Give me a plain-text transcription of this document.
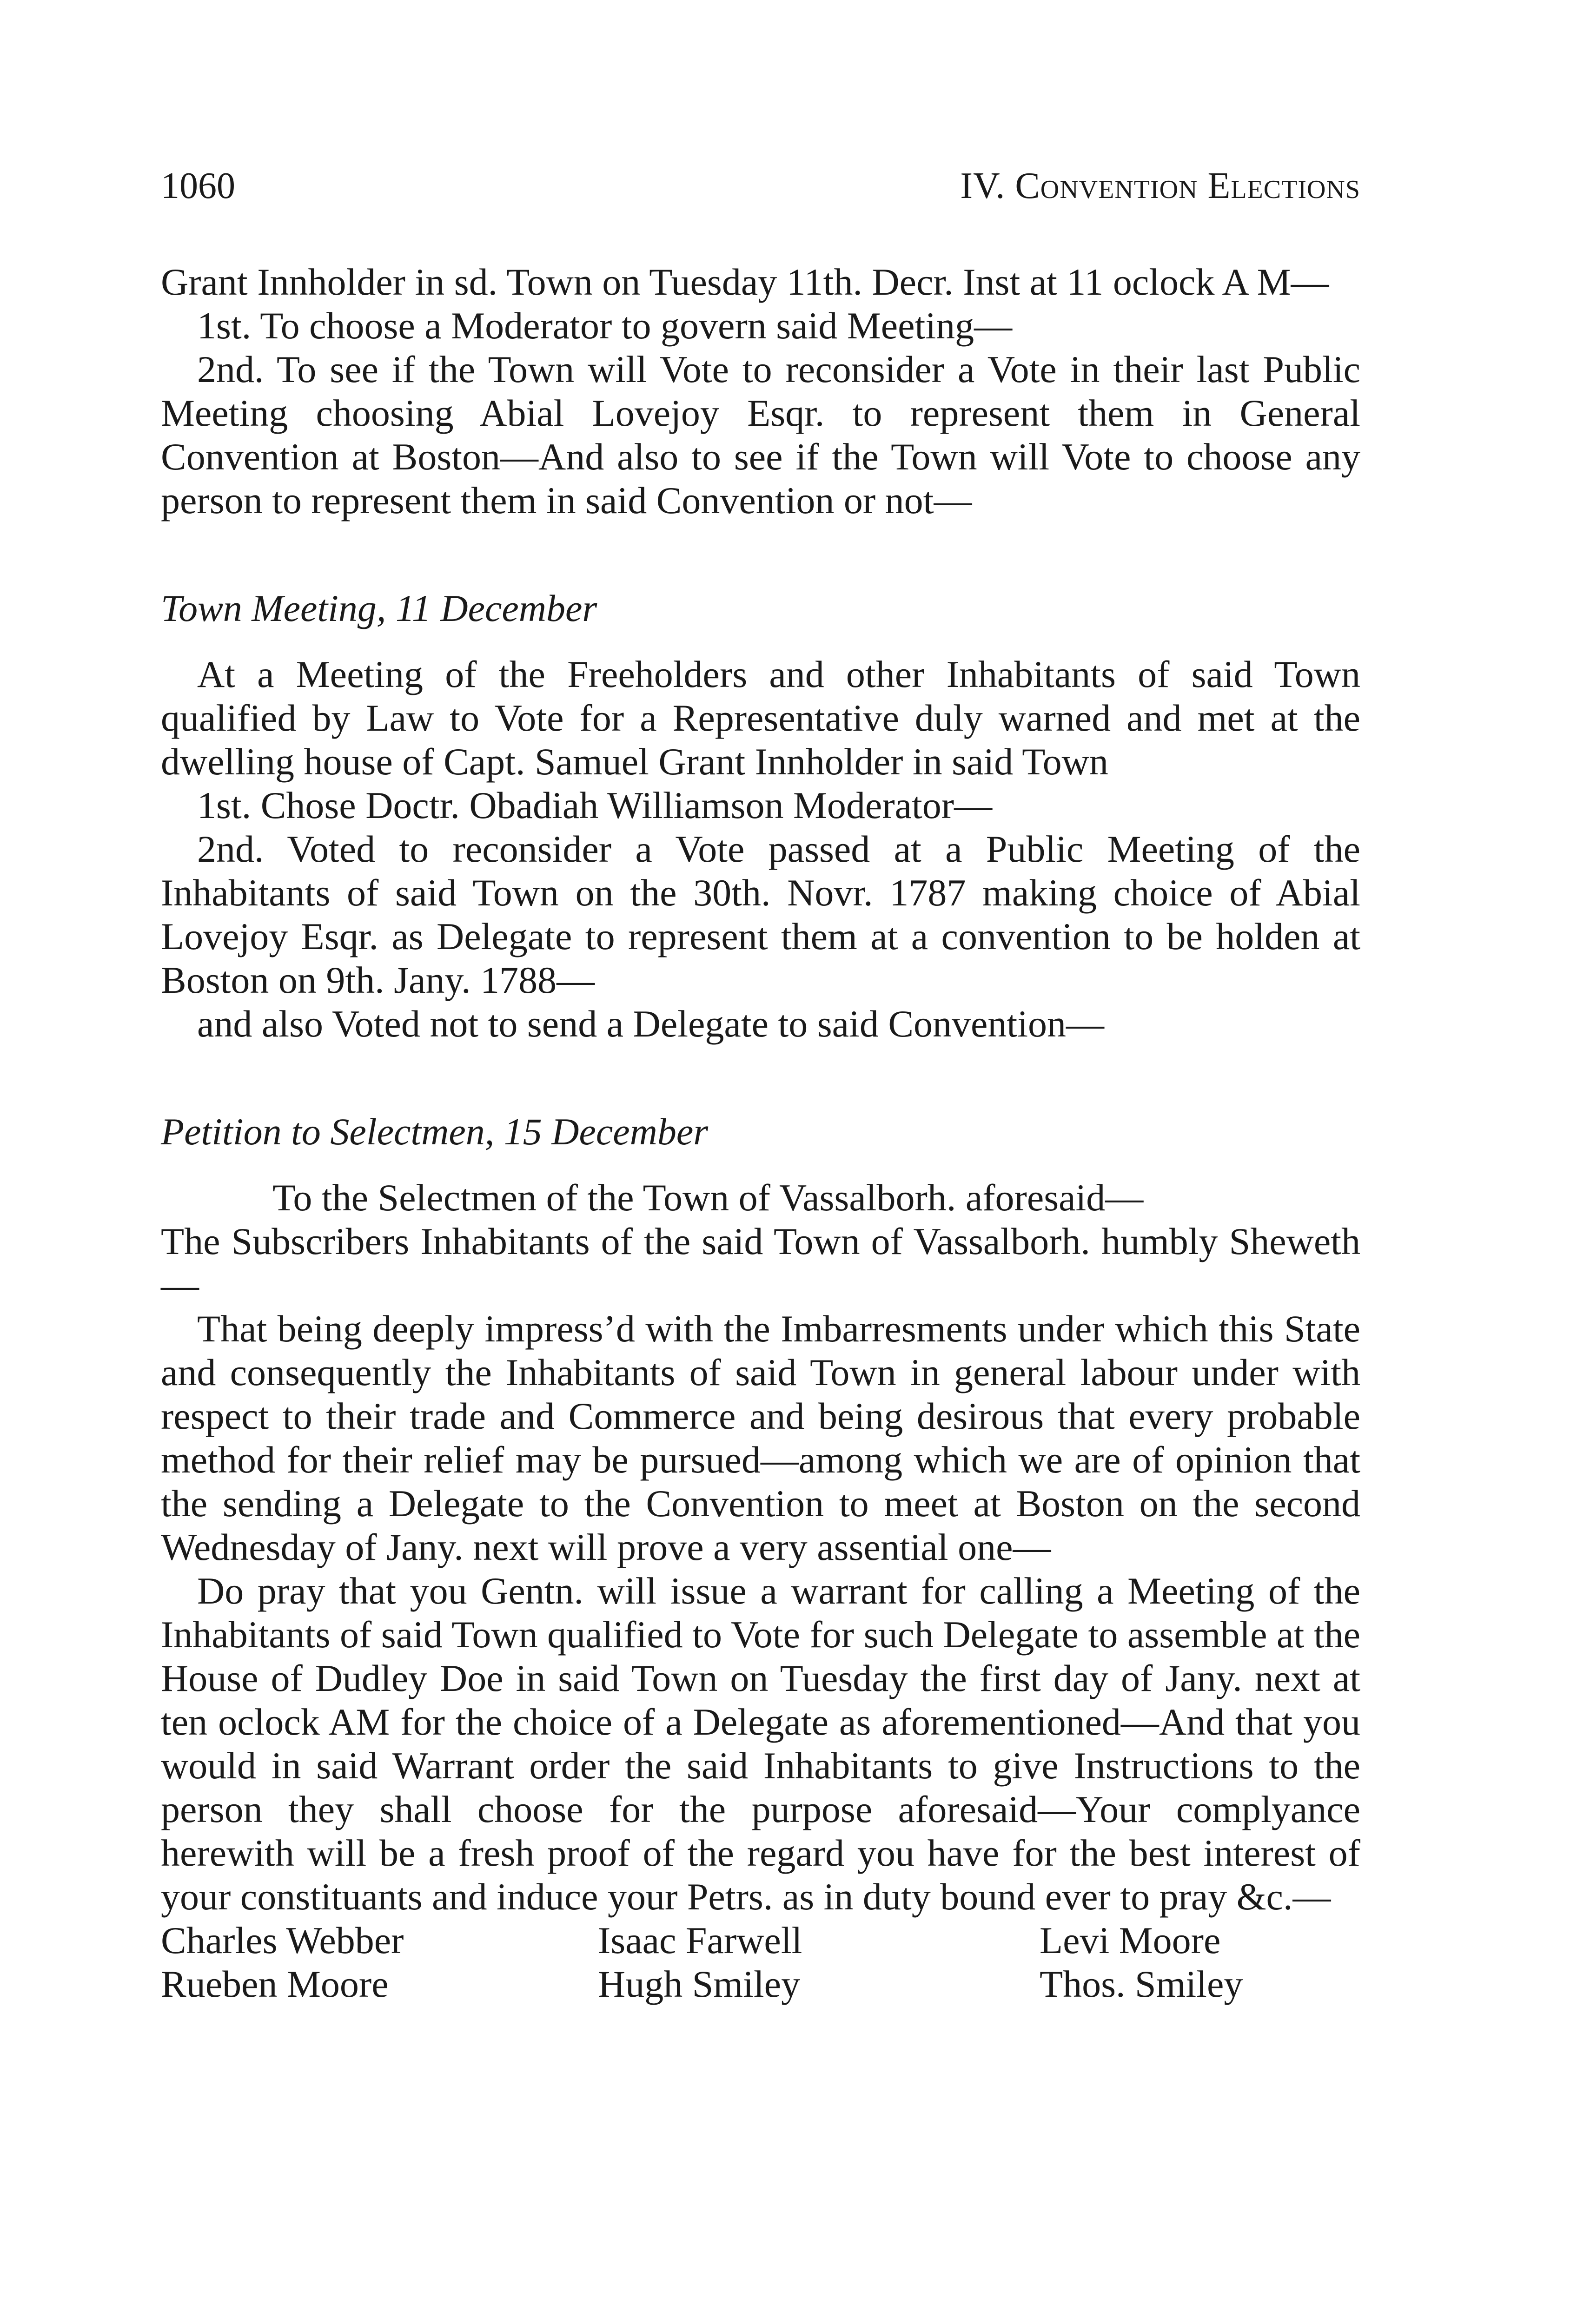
1060	IV. Convention Elections

Grant Innholder in sd. Town on Tuesday 11th. Decr. Inst at 11 oclock A M—

1st. To choose a Moderator to govern said Meeting—

2nd. To see if the Town will Vote to reconsider a Vote in their last Public Meeting choosing Abial Lovejoy Esqr. to represent them in General Convention at Boston—And also to see if the Town will Vote to choose any person to represent them in said Convention or not—

Town Meeting, 11 December

At a Meeting of the Freeholders and other Inhabitants of said Town qualified by Law to Vote for a Representative duly warned and met at the dwelling house of Capt. Samuel Grant Innholder in said Town

1st. Chose Doctr. Obadiah Williamson Moderator—

2nd. Voted to reconsider a Vote passed at a Public Meeting of the Inhabitants of said Town on the 30th. Novr. 1787 making choice of Abial Lovejoy Esqr. as Delegate to represent them at a convention to be holden at Boston on 9th. Jany. 1788—

and also Voted not to send a Delegate to said Convention—

Petition to Selectmen, 15 December

To the Selectmen of the Town of Vassalborh. aforesaid—

The Subscribers Inhabitants of the said Town of Vassalborh. humbly Sheweth—

That being deeply impress’d with the Imbarresments under which this State and consequently the Inhabitants of said Town in general labour under with respect to their trade and Commerce and being desirous that every probable method for their relief may be pursued—among which we are of opinion that the sending a Delegate to the Convention to meet at Boston on the second Wednesday of Jany. next will prove a very assential one—

Do pray that you Gentn. will issue a warrant for calling a Meeting of the Inhabitants of said Town qualified to Vote for such Delegate to assemble at the House of Dudley Doe in said Town on Tuesday the first day of Jany. next at ten oclock AM for the choice of a Delegate as aforementioned—And that you would in said Warrant order the said Inhabitants to give Instructions to the person they shall choose for the purpose aforesaid—Your complyance herewith will be a fresh proof of the regard you have for the best interest of your constituants and induce your Petrs. as in duty bound ever to pray &c.—

Charles Webber	Isaac Farwell	Levi Moore
Rueben Moore	Hugh Smiley	Thos. Smiley
